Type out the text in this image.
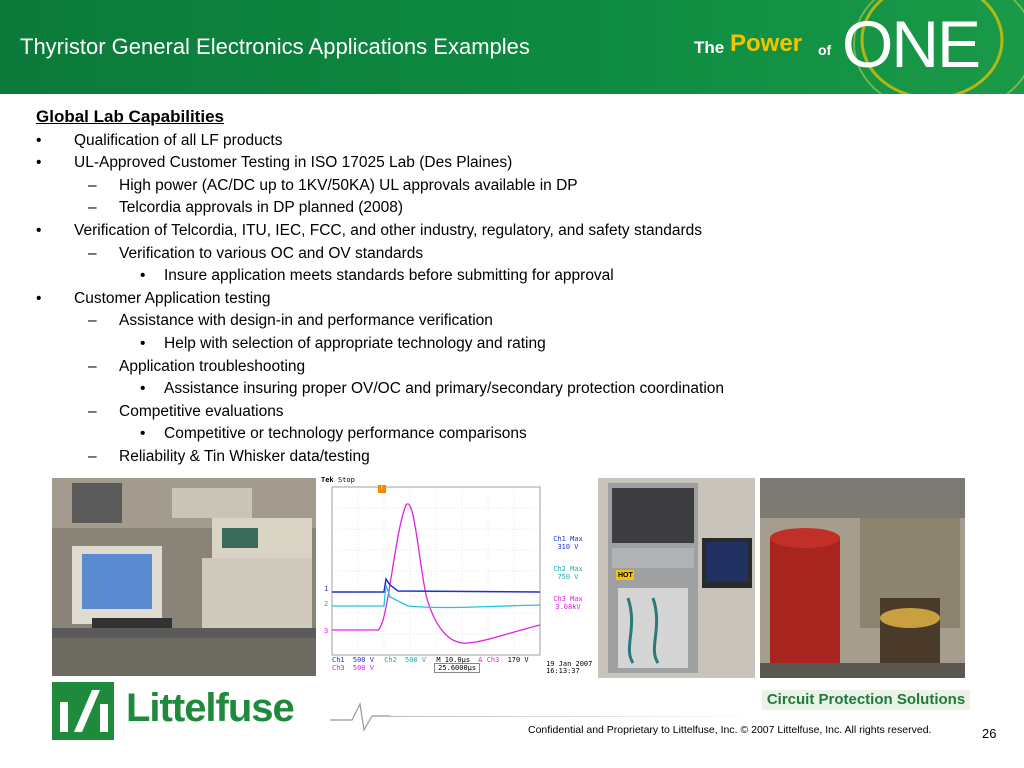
Thyristor General Electronics Applications Examples	The Power of ONE
Global Lab Capabilities
• Qualification of all LF products
• UL-Approved Customer Testing in ISO 17025 Lab (Des Plaines)
– High power (AC/DC up to 1KV/50KA) UL approvals available in DP
– Telcordia approvals in DP planned (2008)
• Verification of Telcordia, ITU, IEC, FCC, and other industry, regulatory, and safety standards
– Verification to various OC and OV standards
• Insure application meets standards before submitting for approval
• Customer Application testing
– Assistance with design-in and performance verification
• Help with selection of appropriate technology and rating
– Application troubleshooting
• Assistance insuring proper OV/OC and primary/secondary protection coordination
– Competitive evaluations
• Competitive or technology performance comparisons
– Reliability & Tin Whisker data/testing
Tek Stop
T
1
2
3
Ch1 Max
310 V
Ch2 Max
750 V
Ch3 Max
3.08kV
Ch1 500 V Ch2 500 V M 10.0µs A Ch3 170 V
Ch3 500 V	25.6000µs	19 Jan 2007
16:13:37
HOT
Littelfuse	Circuit Protection Solutions
Confidential and Proprietary to Littelfuse, Inc. © 2007 Littelfuse, Inc. All rights reserved.	26
